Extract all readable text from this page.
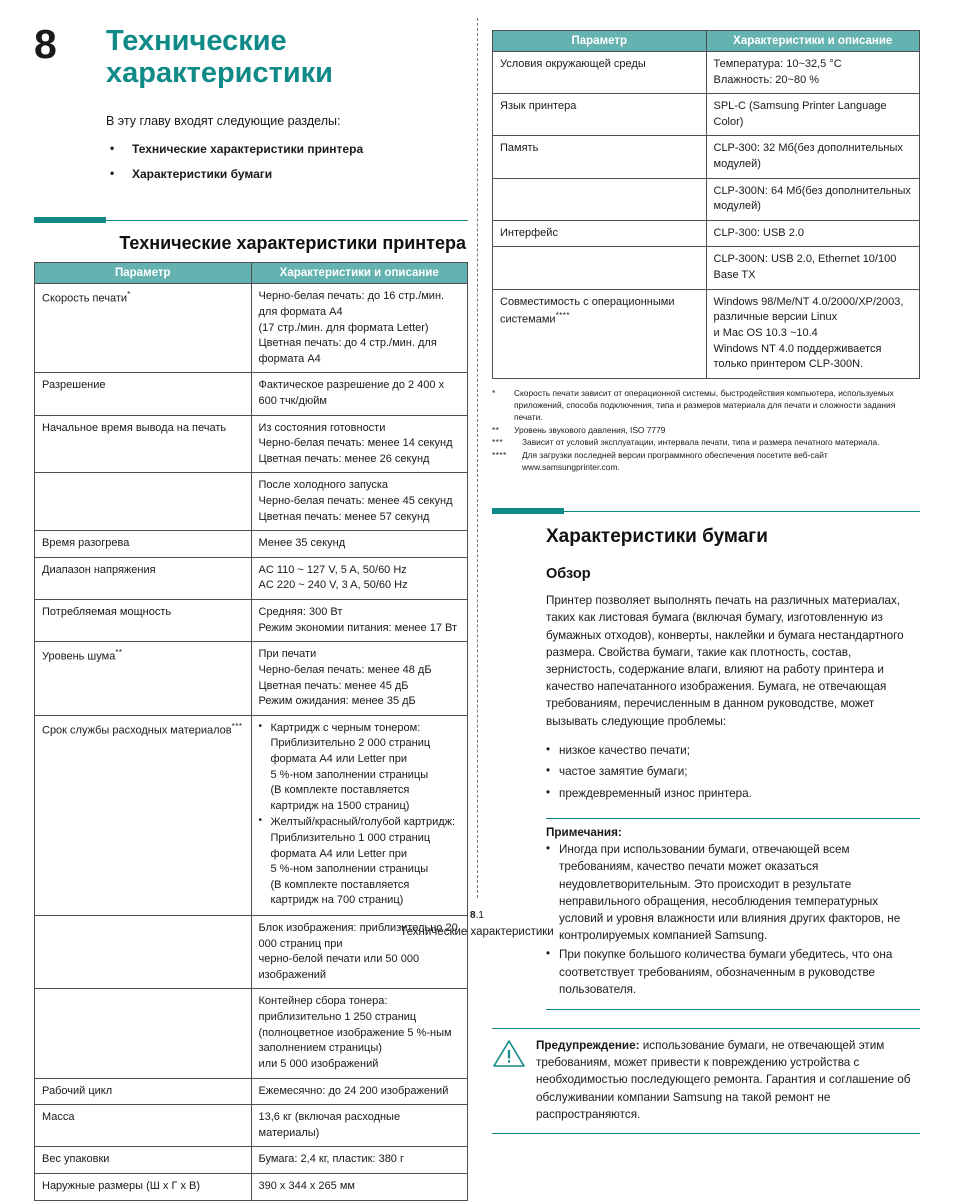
8	Технические характеристики
В эту главу входят следующие разделы:
• Технические характеристики принтера
• Характеристики бумаги
Технические характеристики принтера
Параметр	Характеристики и описание
Скорость печати*	Черно-белая печать: до 16 стр./мин. для формата A4
(17 стр./мин. для формата Letter)
Цветная печать: до 4 стр./мин. для формата A4

Разрешение	Фактическое разрешение до 2 400 x 600 тчк/дюйм

Начальное время вывода на печать	Из состояния готовности
Черно-белая печать: менее 14 секунд
Цветная печать: менее 26 секунд

	После холодного запуска
Черно-белая печать: менее 45 секунд
Цветная печать: менее 57 секунд

Время разогрева	Менее 35 секунд

Диапазон напряжения	AC 110 ~ 127 V, 5 A, 50/60 Hz
AC 220 ~ 240 V, 3 A, 50/60 Hz

Потребляемая мощность	Средняя: 300 Вт
Режим экономии питания: менее 17 Вт

Уровень шума**	При печати
Черно-белая печать: менее 48 дБ
Цветная печать: менее 45 дБ
Режим ожидания: менее 35 дБ

Срок службы расходных материалов***	
•Картридж с черным тонером:
Приблизительно 2 000 страниц формата A4 или Letter при
5 %-ном заполнении страницы
(В комплекте поставляется картридж на 1500 страниц)
• Желтый/красный/голубой картридж:
Приблизительно 1 000 страниц формата A4 или Letter при
5 %-ном заполнении страницы
(В комплекте поставляется картридж на 700 страниц)

	Блок изображения: приблизительно 20 000 страниц при
черно-белой печати или 50 000 изображений

	Контейнер сбора тонера: приблизительно 1 250 страниц
(полноцветное изображение 5 %-ным заполнением страницы)
или 5 000 изображений

Рабочий цикл	Ежемесячно: до 24 200 изображений

Масса	13,6 кг (включая расходные материалы)

Вес упаковки	Бумага: 2,4 кг, пластик: 380 г

Наружные размеры (Ш x Г x В)	390 x 344 x 265 мм
Параметр	Характеристики и описание
Условия окружающей среды	Температура: 10~32,5 °C
Влажность: 20~80 %

Язык принтера	SPL-C (Samsung Printer Language Color)

Память	CLP-300: 32 Мб(без дополнительных модулей)

	CLP-300N: 64 Мб(без дополнительных модулей)

Интерфейс	CLP-300: USB 2.0

	CLP-300N: USB 2.0, Ethernet 10/100 Base TX

Совместимость с операционными системами****	Windows 98/Me/NT 4.0/2000/XP/2003, различные версии Linux
и Mac OS 10.3 ~10.4
Windows NT 4.0 поддерживается только принтером CLP-300N.
*	Скорость печати зависит от операционной системы, быстродействия компьютера, используемых приложений, способа подключения, типа и размеров материала для печати и сложности задания печати.
**	Уровень звукового давления, ISO 7779
***	Зависит от условий эксплуатации, интервала печати, типа и размера печатного материала.
****	Для загрузки последней версии программного обеспечения посетите веб-сайт www.samsungprinter.com.
Характеристики бумаги
Обзор

Принтер позволяет выполнять печать на различных материалах, таких как листовая бумага (включая бумагу, изготовленную из бумажных отходов), конверты, наклейки и бумага нестандартного размера. Свойства бумаги, такие как плотность, состав, зернистость, содержание влаги, влияют на работу принтера и качество напечатанного изображения. Бумага, не отвечающая требованиям, перечисленным в данном руководстве, может вызывать следующие проблемы:

• низкое качество печати;
• частое замятие бумаги;
• преждевременный износ принтера.
Примечания:
• Иногда при использовании бумаги, отвечающей всем требованиям, качество печати может оказаться неудовлетворительным. Это происходит в результате неправильного обращения, несоблюдения температурных условий и уровня влажности или влияния других факторов, не контролируемых компанией Samsung.
• При покупке большого количества бумаги убедитесь, что она соответствует требованиям, обозначенным в руководстве пользователя.
Предупреждение: использование бумаги, не отвечающей этим требованиям, может привести к повреждению устройства с необходимостью последующего ремонта. Гарантия и соглашение об обслуживании компании Samsung на такой ремонт не распространяются.
8.1
Технические характеристики
